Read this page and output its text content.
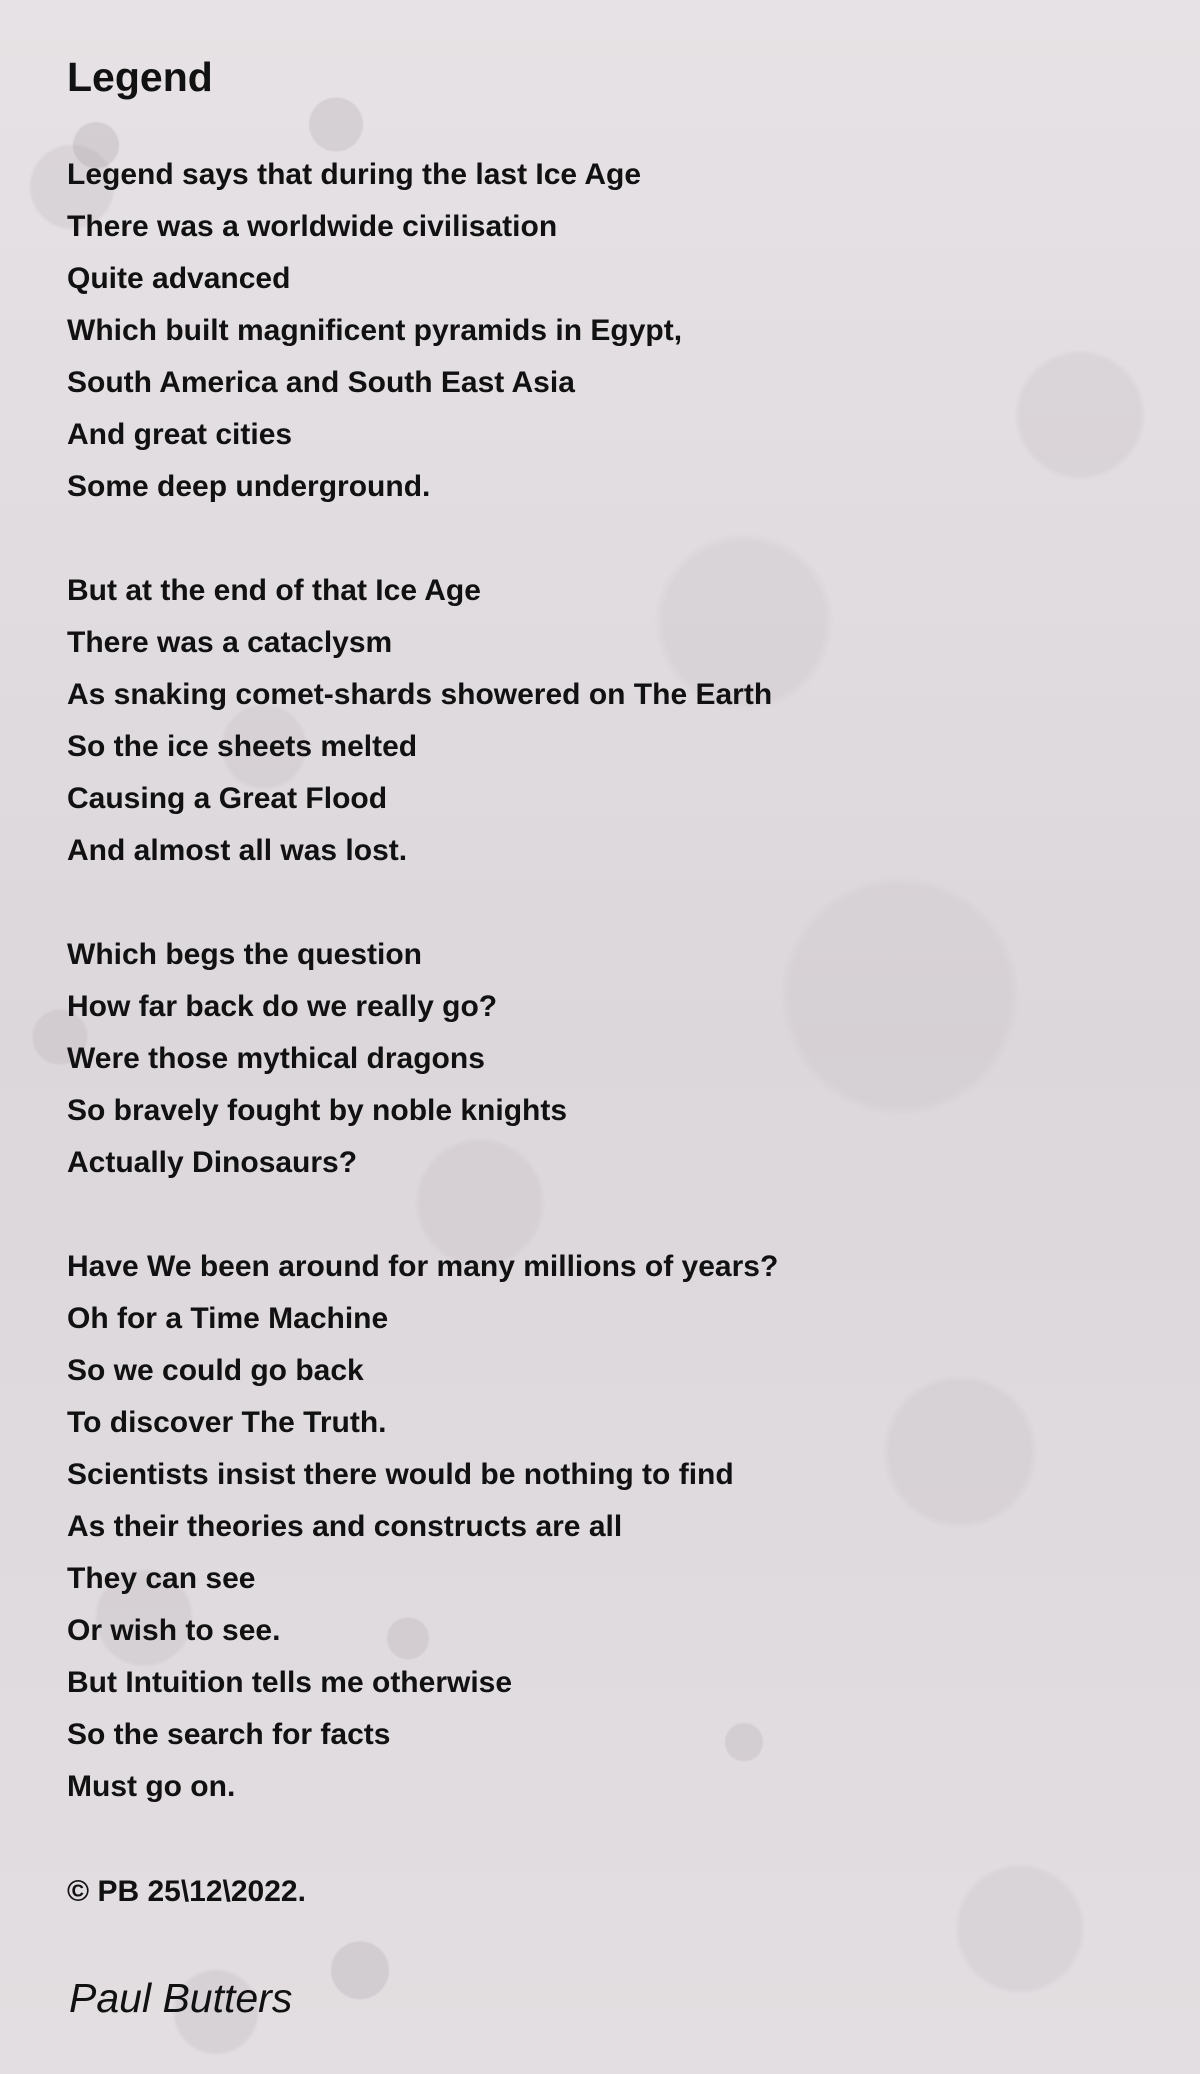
Legend
Legend says that during the last Ice Age
There was a worldwide civilisation
Quite advanced
Which built magnificent pyramids in Egypt,
South America and South East Asia
And great cities
Some deep underground.
But at the end of that Ice Age
There was a cataclysm
As snaking comet-shards showered on The Earth
So the ice sheets melted
Causing a Great Flood
And almost all was lost.
Which begs the question
How far back do we really go?
Were those mythical dragons
So bravely fought by noble knights
Actually Dinosaurs?
Have We been around for many millions of years?
Oh for a Time Machine
So we could go back
To discover The Truth.
Scientists insist there would be nothing to find
As their theories and constructs are all
They can see
Or wish to see.
But Intuition tells me otherwise
So the search for facts
Must go on.
© PB 25\12\2022.
Paul Butters
